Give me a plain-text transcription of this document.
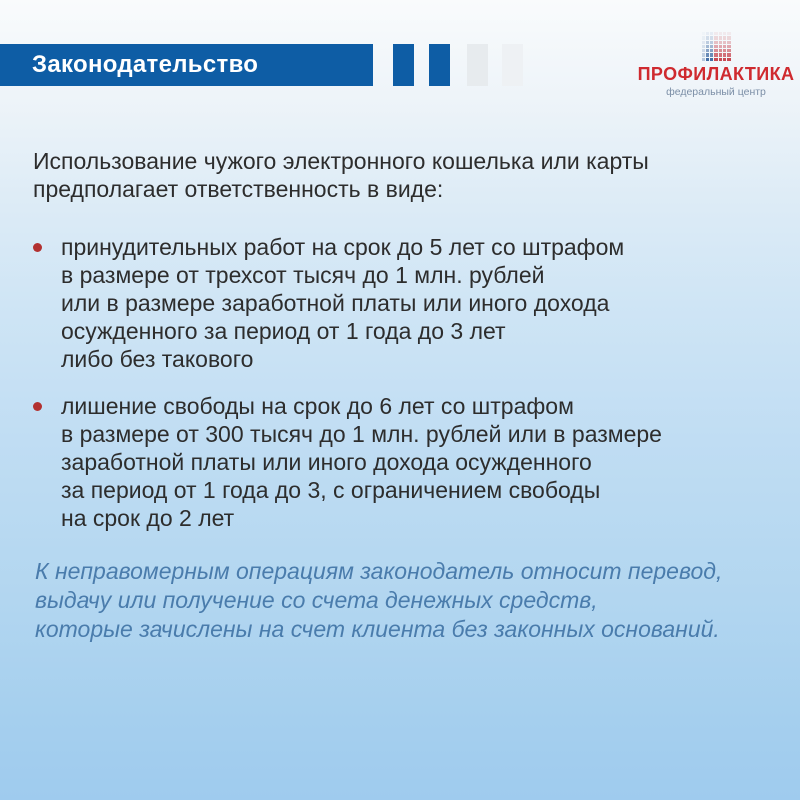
Законодательство	ПРОФИЛАКТИКА
федеральный центр
Использование чужого электронного кошелька или карты
предполагает ответственность в виде:
принудительных работ на срок до 5 лет со штрафом
в размере от трехсот тысяч до 1 млн. рублей
или в размере заработной платы или иного дохода
осужденного за период от 1 года до 3 лет
либо без такового
лишение свободы на срок до 6 лет со штрафом
в размере от 300 тысяч до 1 млн. рублей или в размере
заработной платы или иного дохода осужденного
за период от 1 года до 3, с ограничением свободы
на срок до 2 лет
К неправомерным операциям законодатель относит перевод,
выдачу или получение со счета денежных средств,
которые зачислены на счет клиента без законных оснований.
